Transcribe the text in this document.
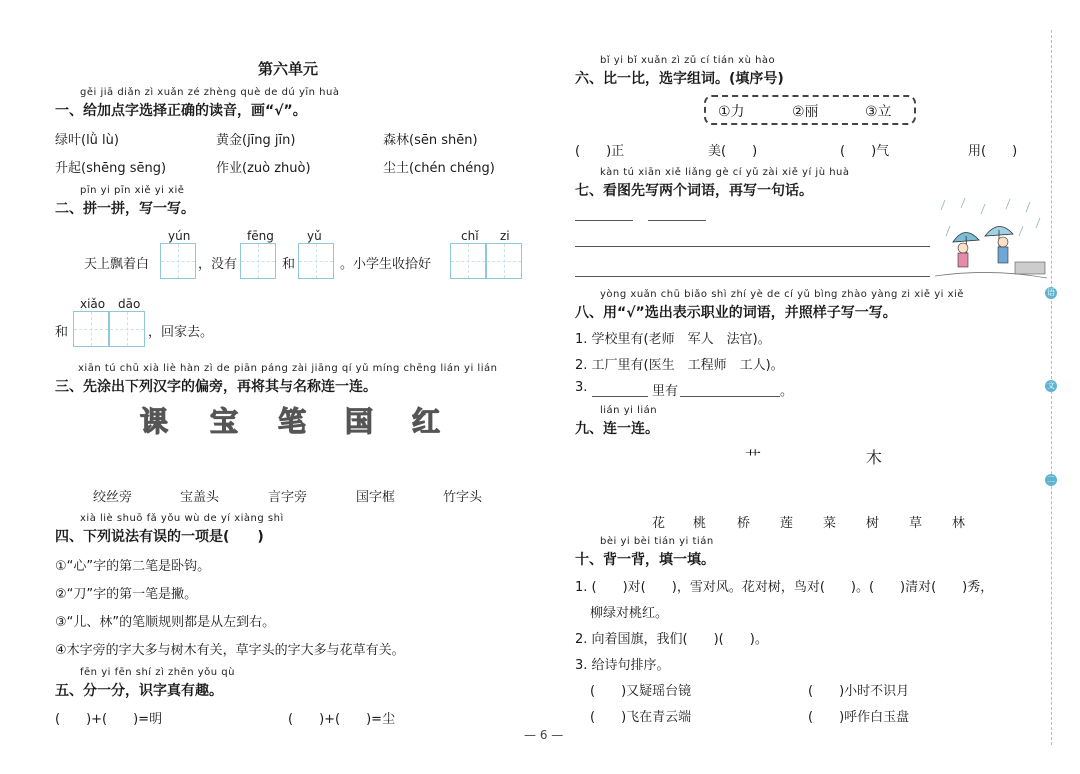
第六单元
gěi jiā diǎn zì xuǎn zé zhèng què de dú yīn huà
一、给加点字选择正确的读音，画“√”。
绿叶(lǜ lù)	黄金(jīng jīn)	森林(sēn shēn)
升起(shēng sēng)	作业(zuò zhuò)	尘土(chén chéng)
pīn yi pīn xiě yi xiě
二、拼一拼，写一写。
yún	fēng	yǔ	chǐ zi
天上飘着白	，没有	和	。小学生收拾好
xiǎo dāo
和	，回家去。
xiān tú chū xià liè hàn zì de piān páng zài jiāng qí yǔ míng chēng lián yi lián
三、先涂出下列汉字的偏旁，再将其与名称连一连。
课 宝 笔 国 红
绞丝旁	宝盖头	言字旁	国字框	竹字头
xià liè shuō fǎ yǒu wù de yí xiàng shì
四、下列说法有误的一项是(　　)
①“心”字的第二笔是卧钩。
②“刀”字的第一笔是撇。
③“儿、林”的笔顺规则都是从左到右。
④木字旁的字大多与树木有关，草字头的字大多与花草有关。
fēn yi fēn shí zì zhēn yǒu qù
五、分一分，识字真有趣。
(　　)+(　　)=明	(　　)+(　　)=尘
bǐ yi bǐ xuǎn zì zǔ cí tián xù hào
六、比一比，选字组词。(填序号)
①力	②丽	③立
(　　)正	美(　　)	(　　)气	用(　　)
kàn tú xiān xiě liǎng gè cí yǔ zài xiě yí jù huà
七、看图先写两个词语，再写一句话。
yòng xuǎn chū biǎo shì zhí yè de cí yǔ bìng zhào yàng zi xiě yi xiě
八、用“√”选出表示职业的词语，并照样子写一写。
1. 学校里有(老师　军人　法官)。
2. 工厂里有(医生　工程师　工人)。
3.	里有	。
lián yi lián
九、连一连。
艹	木
花 桃 桥 莲 菜 树 草 林
bèi yi bèi tián yi tián
十、背一背，填一填。
1. (　　)对(　　)，雪对风。花对树，鸟对(　　)。(　　)清对(　　)秀，
柳绿对桃红。
2. 向着国旗，我们(　　)(　　)。
3. 给诗句排序。
(　　)又疑瑶台镜	(　　)小时不识月
(　　)飞在青云端	(　　)呼作白玉盘
— 6 —
语
文
二
